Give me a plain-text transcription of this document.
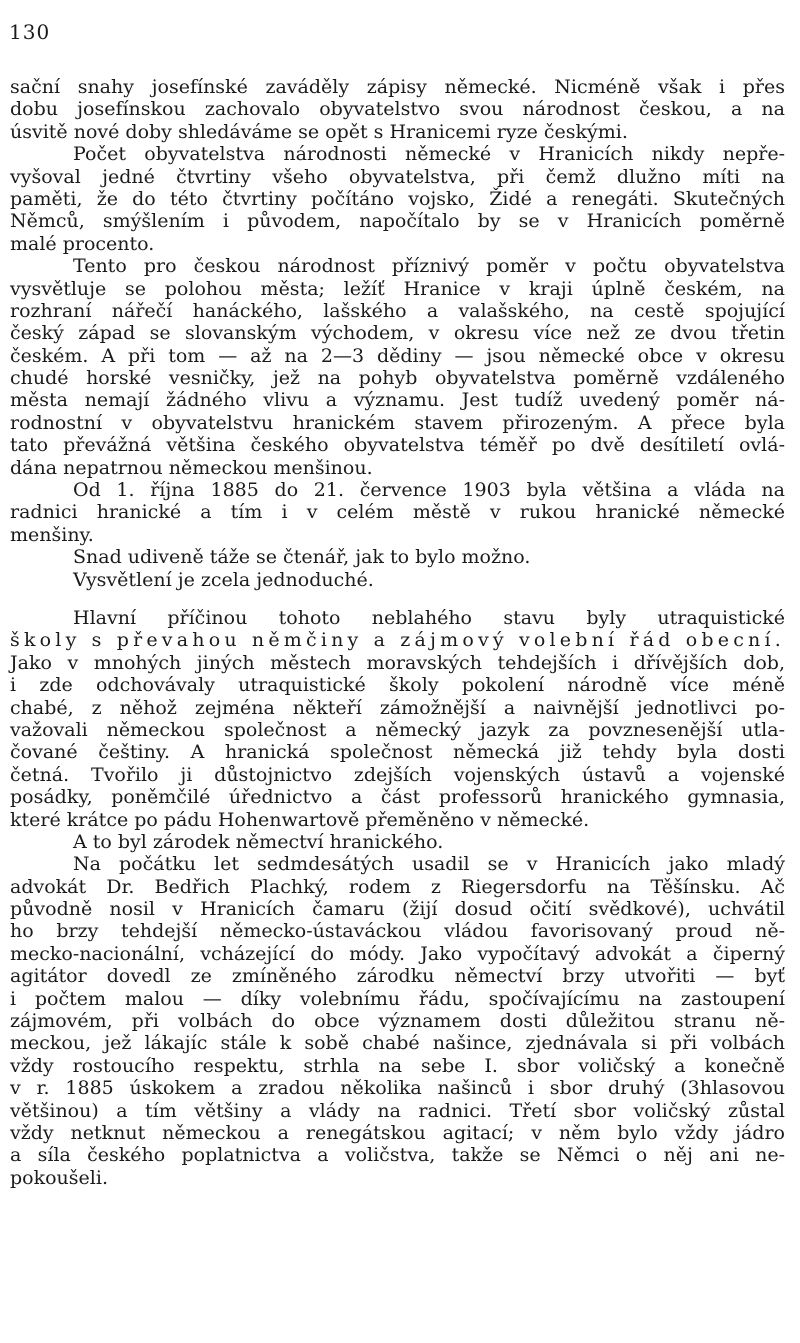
130
sační snahy josefínské zaváděly zápisy německé. Nicméně však i přes
dobu josefínskou zachovalo obyvatelstvo svou národnost českou, a na
úsvitě nové doby shledáváme se opět s Hranicemi ryze českými.
Počet obyvatelstva národnosti německé v Hranicích nikdy nepře-
vyšoval jedné čtvrtiny všeho obyvatelstva, při čemž dlužno míti na
paměti, že do této čtvrtiny počítáno vojsko, Židé a renegáti. Skutečných
Němců, smýšlením i původem, napočítalo by se v Hranicích poměrně
malé procento.
Tento pro českou národnost příznivý poměr v počtu obyvatelstva
vysvětluje se polohou města; ležíť Hranice v kraji úplně českém, na
rozhraní nářečí hanáckého, lašského a valašského, na cestě spojující
český západ se slovanským východem, v okresu více než ze dvou třetin
českém. A při tom — až na 2—3 dědiny — jsou německé obce v okresu
chudé horské vesničky, jež na pohyb obyvatelstva poměrně vzdáleného
města nemají žádného vlivu a významu. Jest tudíž uvedený poměr ná-
rodnostní v obyvatelstvu hranickém stavem přirozeným. A přece byla
tato převážná většina českého obyvatelstva téměř po dvě desítiletí ovlá-
dána nepatrnou německou menšinou.
Od 1. října 1885 do 21. července 1903 byla většina a vláda na
radnici hranické a tím i v celém městě v rukou hranické německé
menšiny.
Snad udiveně táže se čtenář, jak to bylo možno.
Vysvětlení je zcela jednoduché.
Hlavní příčinou tohoto neblahého stavu byly utraquistické
školy s převahou němčiny a zájmový volební řád obecní.
Jako v mnohých jiných městech moravských tehdejších i dřívějších dob,
i zde odchovávaly utraquistické školy pokolení národně více méně
chabé, z něhož zejména někteří zámožnější a naivnější jednotlivci po-
važovali německou společnost a německý jazyk za povznesenější utla-
čované češtiny. A hranická společnost německá již tehdy byla dosti
četná. Tvořilo ji důstojnictvo zdejších vojenských ústavů a vojenské
posádky, poněmčilé úřednictvo a část professorů hranického gymnasia,
které krátce po pádu Hohenwartově přeměněno v německé.
A to byl zárodek němectví hranického.
Na počátku let sedmdesátých usadil se v Hranicích jako mladý
advokát Dr. Bedřich Plachký, rodem z Riegersdorfu na Těšínsku. Ač
původně nosil v Hranicích čamaru (žijí dosud očití svědkové), uchvátil
ho brzy tehdejší německo-ústaváckou vládou favorisovaný proud ně-
mecko-nacionální, vcházející do módy. Jako vypočítavý advokát a čiperný
agitátor dovedl ze zmíněného zárodku němectví brzy utvořiti — byť
i počtem malou — díky volebnímu řádu, spočívajícímu na zastoupení
zájmovém, při volbách do obce významem dosti důležitou stranu ně-
meckou, jež lákajíc stále k sobě chabé našince, zjednávala si při volbách
vždy rostoucího respektu, strhla na sebe I. sbor voličský a konečně
v r. 1885 úskokem a zradou několika našinců i sbor druhý (3hlasovou
většinou) a tím většiny a vlády na radnici. Třetí sbor voličský zůstal
vždy netknut německou a renegátskou agitací; v něm bylo vždy jádro
a síla českého poplatnictva a voličstva, takže se Němci o něj ani ne-
pokoušeli.
